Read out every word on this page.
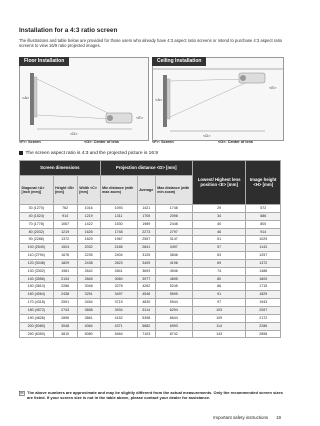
Installation for a 4:3 ratio screen
The illustrations and table below are provided for those users who already have 4:3 aspect ratio screens or intend to purchase 4:3 aspect ratio screens to view 16/9 ratio projected images.
Floor Installation
<D>
<A>
<E>
Ceiling Installation
<D>
<A>
<E>
<F>: Screen	<G>: Center of lens	<F>: Screen	<G>: Center of lens
The screen aspect ratio is 4:3 and the projected picture is 16:9
Screen dimensions			Projection distance <D> [mm]			Lowest/ Highest lens position <E> [mm]	Image height <H> [mm]
Diagonal <A> [inch (mm)]	Height <B> [mm]	Width <C> [mm]	Min distance (with max zoom)	Average	Max distance (with min zoom)		
30 (1270)	762	1016	1093	1421	1748	29	572
40 (1524)	914	1219	1311	1705	2098	34	686
70 (1778)	1067	1422	1530	1989	2448	40	800
80 (2032)	1219	1626	1748	2273	2797	46	914
90 (2286)	1372	1829	1967	2557	3147	51	1029
100 (2540)	1524	2032	2185	2841	3497	57	1143
110 (2794)	1676	2235	2404	3125	3846	63	1257
120 (3048)	1829	2438	2623	3409	4196	69	1372
130 (3302)	1981	2642	2841	3693	4546	74	1486
140 (3556)	2134	2845	3060	3977	4895	80	1600
150 (3810)	2286	3048	3278	4262	5245	86	1715
160 (4064)	2438	3251	3497	4546	5595	91	1829
170 (4318)	2591	3454	3715	4830	5944	97	1943
180 (4572)	2743	3658	3934	5114	6294	103	2057
190 (4826)	2896	3861	4152	5398	6644	109	2172
200 (5080)	3048	4064	4371	5682	6993	114	2286
250 (6350)	3810	5080	5464	7103	8742	143	2858
The above numbers are approximate and may be slightly different from the actual measurements. Only the recommended screen sizes are listed. If your screen size is not in the table above, please contact your dealer for assistance.
Important safety instructions 19
